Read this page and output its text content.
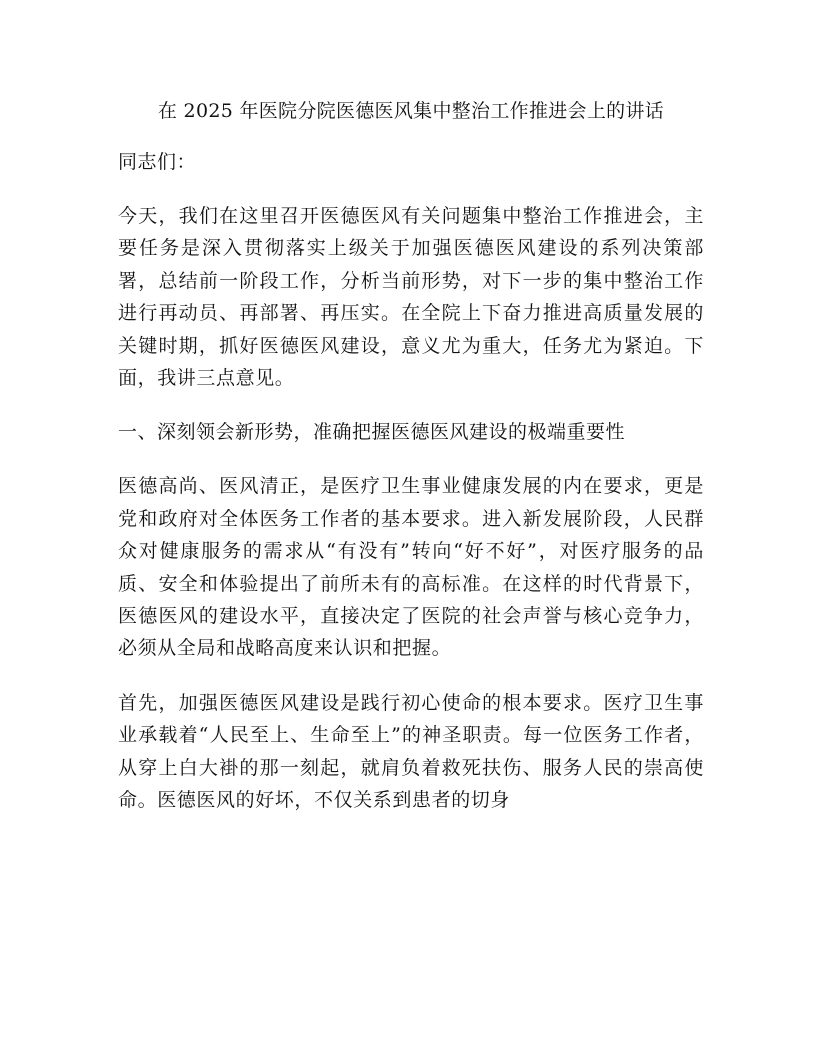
在 2025 年医院分院医德医风集中整治工作推进会上的讲话

同志们：

今天，我们在这里召开医德医风有关问题集中整治工作推进会，主要任务是深入贯彻落实上级关于加强医德医风建设的系列决策部署，总结前一阶段工作，分析当前形势，对下一步的集中整治工作进行再动员、再部署、再压实。在全院上下奋力推进高质量发展的关键时期，抓好医德医风建设，意义尤为重大，任务尤为紧迫。下面，我讲三点意见。

一、深刻领会新形势，准确把握医德医风建设的极端重要性

医德高尚、医风清正，是医疗卫生事业健康发展的内在要求，更是党和政府对全体医务工作者的基本要求。进入新发展阶段，人民群众对健康服务的需求从“有没有”转向“好不好”，对医疗服务的品质、安全和体验提出了前所未有的高标准。在这样的时代背景下，医德医风的建设水平，直接决定了医院的社会声誉与核心竞争力，必须从全局和战略高度来认识和把握。

首先，加强医德医风建设是践行初心使命的根本要求。医疗卫生事业承载着“人民至上、生命至上”的神圣职责。每一位医务工作者，从穿上白大褂的那一刻起，就肩负着救死扶伤、服务人民的崇高使命。医德医风的好坏，不仅关系到患者的切身
